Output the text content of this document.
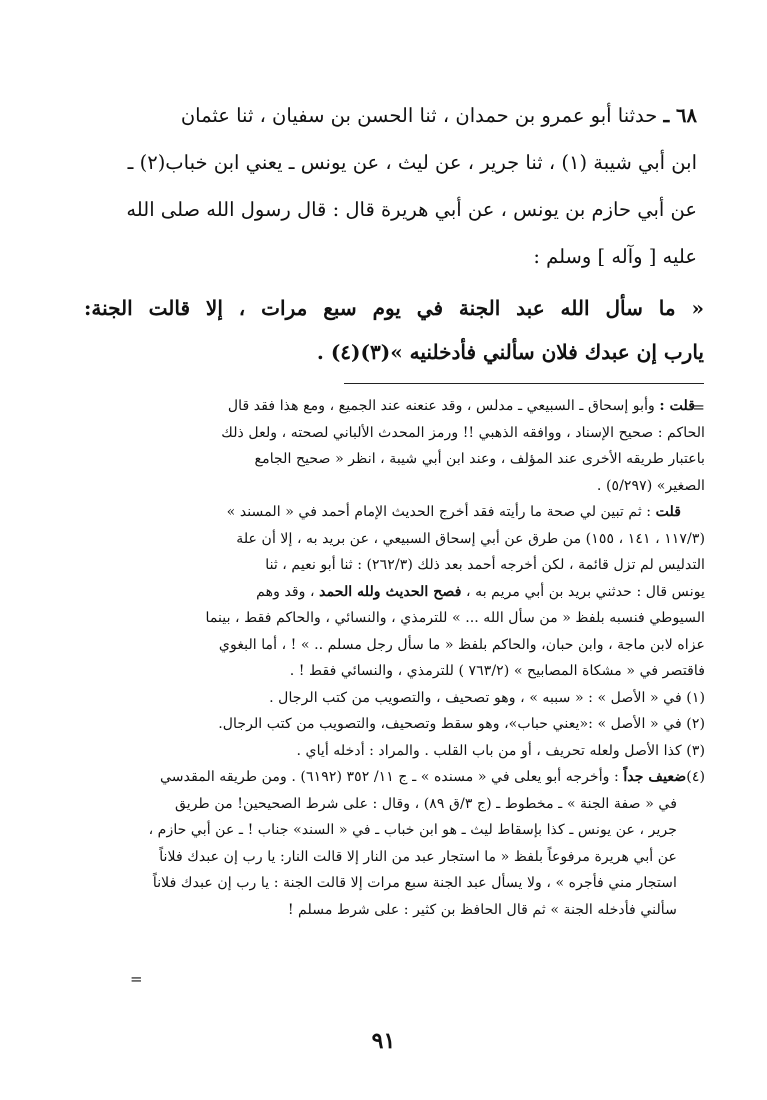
٦٨ ـ حدثنا أبو عمرو بن حمدان ، ثنا الحسن بن سفيان ، ثنا عثمان

ابن أبي شيبة (١) ، ثنا جرير ، عن ليث ، عن يونس ـ يعني ابن خباب(٢) ـ

عن أبي حازم بن يونس ، عن أبي هريرة قال : قال رسول الله صلى الله

عليه [ وآله ] وسلم :

« ما سأل الله عبد الجنة في يوم سبع مرات ، إلا قالت الجنة:

يارب إن عبدك فلان سألني فأدخلنيه »(٣)(٤) .

=

قلت : وأبو إسحاق ـ السبيعي ـ مدلس ، وقد عنعنه عند الجميع ، ومع هذا فقد قال

الحاكم : صحيح الإسناد ، ووافقه الذهبي !! ورمز المحدث الألباني لصحته ، ولعل ذلك

باعتبار طريقه الأخرى عند المؤلف ، وعند ابن أبي شيبة ، انظر « صحيح الجامع

الصغير» (٥/٢٩٧) .

قلت : ثم تبين لي صحة ما رأيته فقد أخرج الحديث الإمام أحمد في « المسند »

(١١٧/٣ ، ١٤١ ، ١٥٥) من طرق عن أبي إسحاق السبيعي ، عن بريد به ، إلا أن علة

التدليس لم تزل قائمة ، لكن أخرجه أحمد بعد ذلك (٢٦٢/٣) : ثنا أبو نعيم ، ثنا

يونس قال : حدثني بريد بن أبي مريم به ، فصح الحديث ولله الحمد ، وقد وهم

السيوطي فنسبه بلفظ « من سأل الله ... » للترمذي ، والنسائي ، والحاكم فقط ، بينما

عزاه لابن ماجة ، وابن حبان، والحاكم بلفظ « ما سأل رجل مسلم .. » ! ، أما البغوي

فاقتصر في « مشكاة المصابيح » (٧٦٣/٢ ) للترمذي ، والنسائي فقط ! .

(١) في « الأصل » : « سببه » ، وهو تصحيف ، والتصويب من كتب الرجال .

(٢) في « الأصل » :«يعني حباب»، وهو سقط وتصحيف، والتصويب من كتب الرجال.

(٣) كذا الأصل ولعله تحريف ، أو من باب القلب . والمراد : أدخله أياي .

(٤)ضعيف جداً : وأخرجه أبو يعلى في « مسنده » ـ ج ١١/ ٣٥٢ (٦١٩٢) . ومن طريقه المقدسي

في « صفة الجنة » ـ مخطوط ـ (ج ٣/ق ٨٩) ، وقال : على شرط الصحيحين! من طريق

جرير ، عن يونس ـ كذا بإسقاط ليث ـ هو ابن خباب ـ في « السند» جناب ! ـ عن أبي حازم ،

عن أبي هريرة مرفوعاً بلفظ « ما استجار عبد من النار إلا قالت النار: يا رب إن عبدك فلاناً

استجار مني فأجره » ، ولا يسأل عبد الجنة سبع مرات إلا قالت الجنة : يا رب إن عبدك فلاناً

سألني فأدخله الجنة » ثم قال الحافظ بن كثير : على شرط مسلم !

=
٩١
